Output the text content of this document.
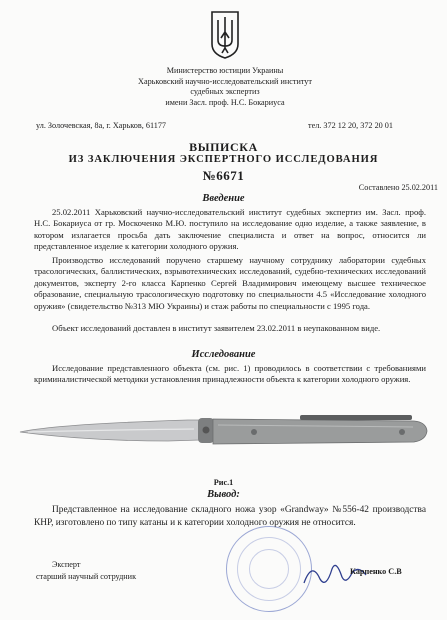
Министерство юстиции Украины
Харьковский научно-исследовательский институт
судебных экспертиз
имени Засл. проф. Н.С. Бокариуса
ул. Золочевская, 8а, г. Харьков, 61177	тел. 372 12 20, 372 20 01
ВЫПИСКА
ИЗ ЗАКЛЮЧЕНИЯ ЭКСПЕРТНОГО ИССЛЕДОВАНИЯ
№6671
Составлено 25.02.2011
Введение
25.02.2011 Харьковский научно-исследовательский институт судебных экспертиз им. Засл. проф. Н.С. Бокариуса от гр. Москоченко М.Ю. поступило на исследование одно изделие, а также заявление, в котором излагается просьба дать заключение специалиста и ответ на вопрос, относится ли представленное изделие к категории холодного оружия.
Производство исследований поручено старшему научному сотруднику лаборатории судебных трасологических, баллистических, взрывотехнических исследований, судебно-технических исследований документов, эксперту 2-го класса Карпенко Сергей Владимирович имеющему высшее техническое образование, специальную трасологическую подготовку по специальности 4.5 «Исследование холодного оружия» (свидетельство №313 МЮ Украины) и стаж работы по специальности с 1995 года.
Объект исследований доставлен в институт заявителем 23.02.2011 в неупакованном виде.
Исследование
Исследование представленного объекта (см. рис. 1) проводилось в соответствии с требованиями криминалистической методики установления принадлежности объекта к категории холодного оружия.
Рис.1
Вывод:
Представленное на исследование складного ножа узор «Grandway» №556-42 производства КНР, изготовлено по типу катаны и к категории холодного оружия не относится.
Эксперт
старший научный сотрудник
Карпенко С.В
